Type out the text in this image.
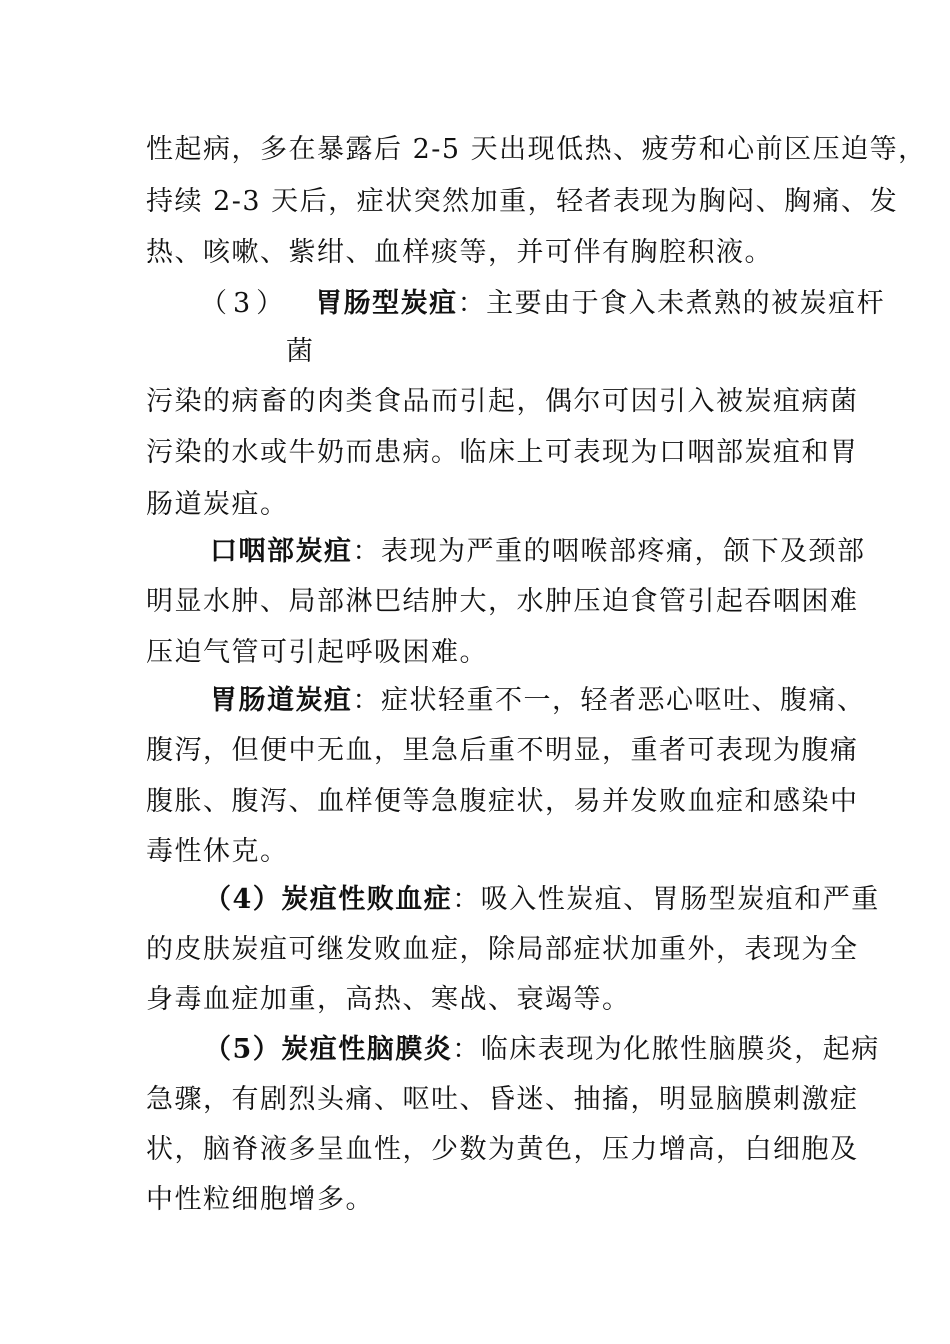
性起病，多在暴露后 2-5 天出现低热、疲劳和心前区压迫等，
持续 2-3 天后，症状突然加重，轻者表现为胸闷、胸痛、发
热、咳嗽、紫绀、血样痰等，并可伴有胸腔积液。
（3） 胃肠型炭疽：主要由于食入未煮熟的被炭疽杆
菌
污染的病畜的肉类食品而引起，偶尔可因引入被炭疽病菌
污染的水或牛奶而患病。临床上可表现为口咽部炭疽和胃
肠道炭疽。
口咽部炭疽：表现为严重的咽喉部疼痛，颌下及颈部
明显水肿、局部淋巴结肿大，水肿压迫食管引起吞咽困难
压迫气管可引起呼吸困难。
胃肠道炭疽：症状轻重不一，轻者恶心呕吐、腹痛、
腹泻，但便中无血，里急后重不明显，重者可表现为腹痛
腹胀、腹泻、血样便等急腹症状，易并发败血症和感染中
毒性休克。
（4）炭疽性败血症：吸入性炭疽、胃肠型炭疽和严重
的皮肤炭疽可继发败血症，除局部症状加重外，表现为全
身毒血症加重，高热、寒战、衰竭等。
（5）炭疽性脑膜炎：临床表现为化脓性脑膜炎，起病
急骤，有剧烈头痛、呕吐、昏迷、抽搐，明显脑膜刺激症
状，脑脊液多呈血性，少数为黄色，压力增高，白细胞及
中性粒细胞增多。
